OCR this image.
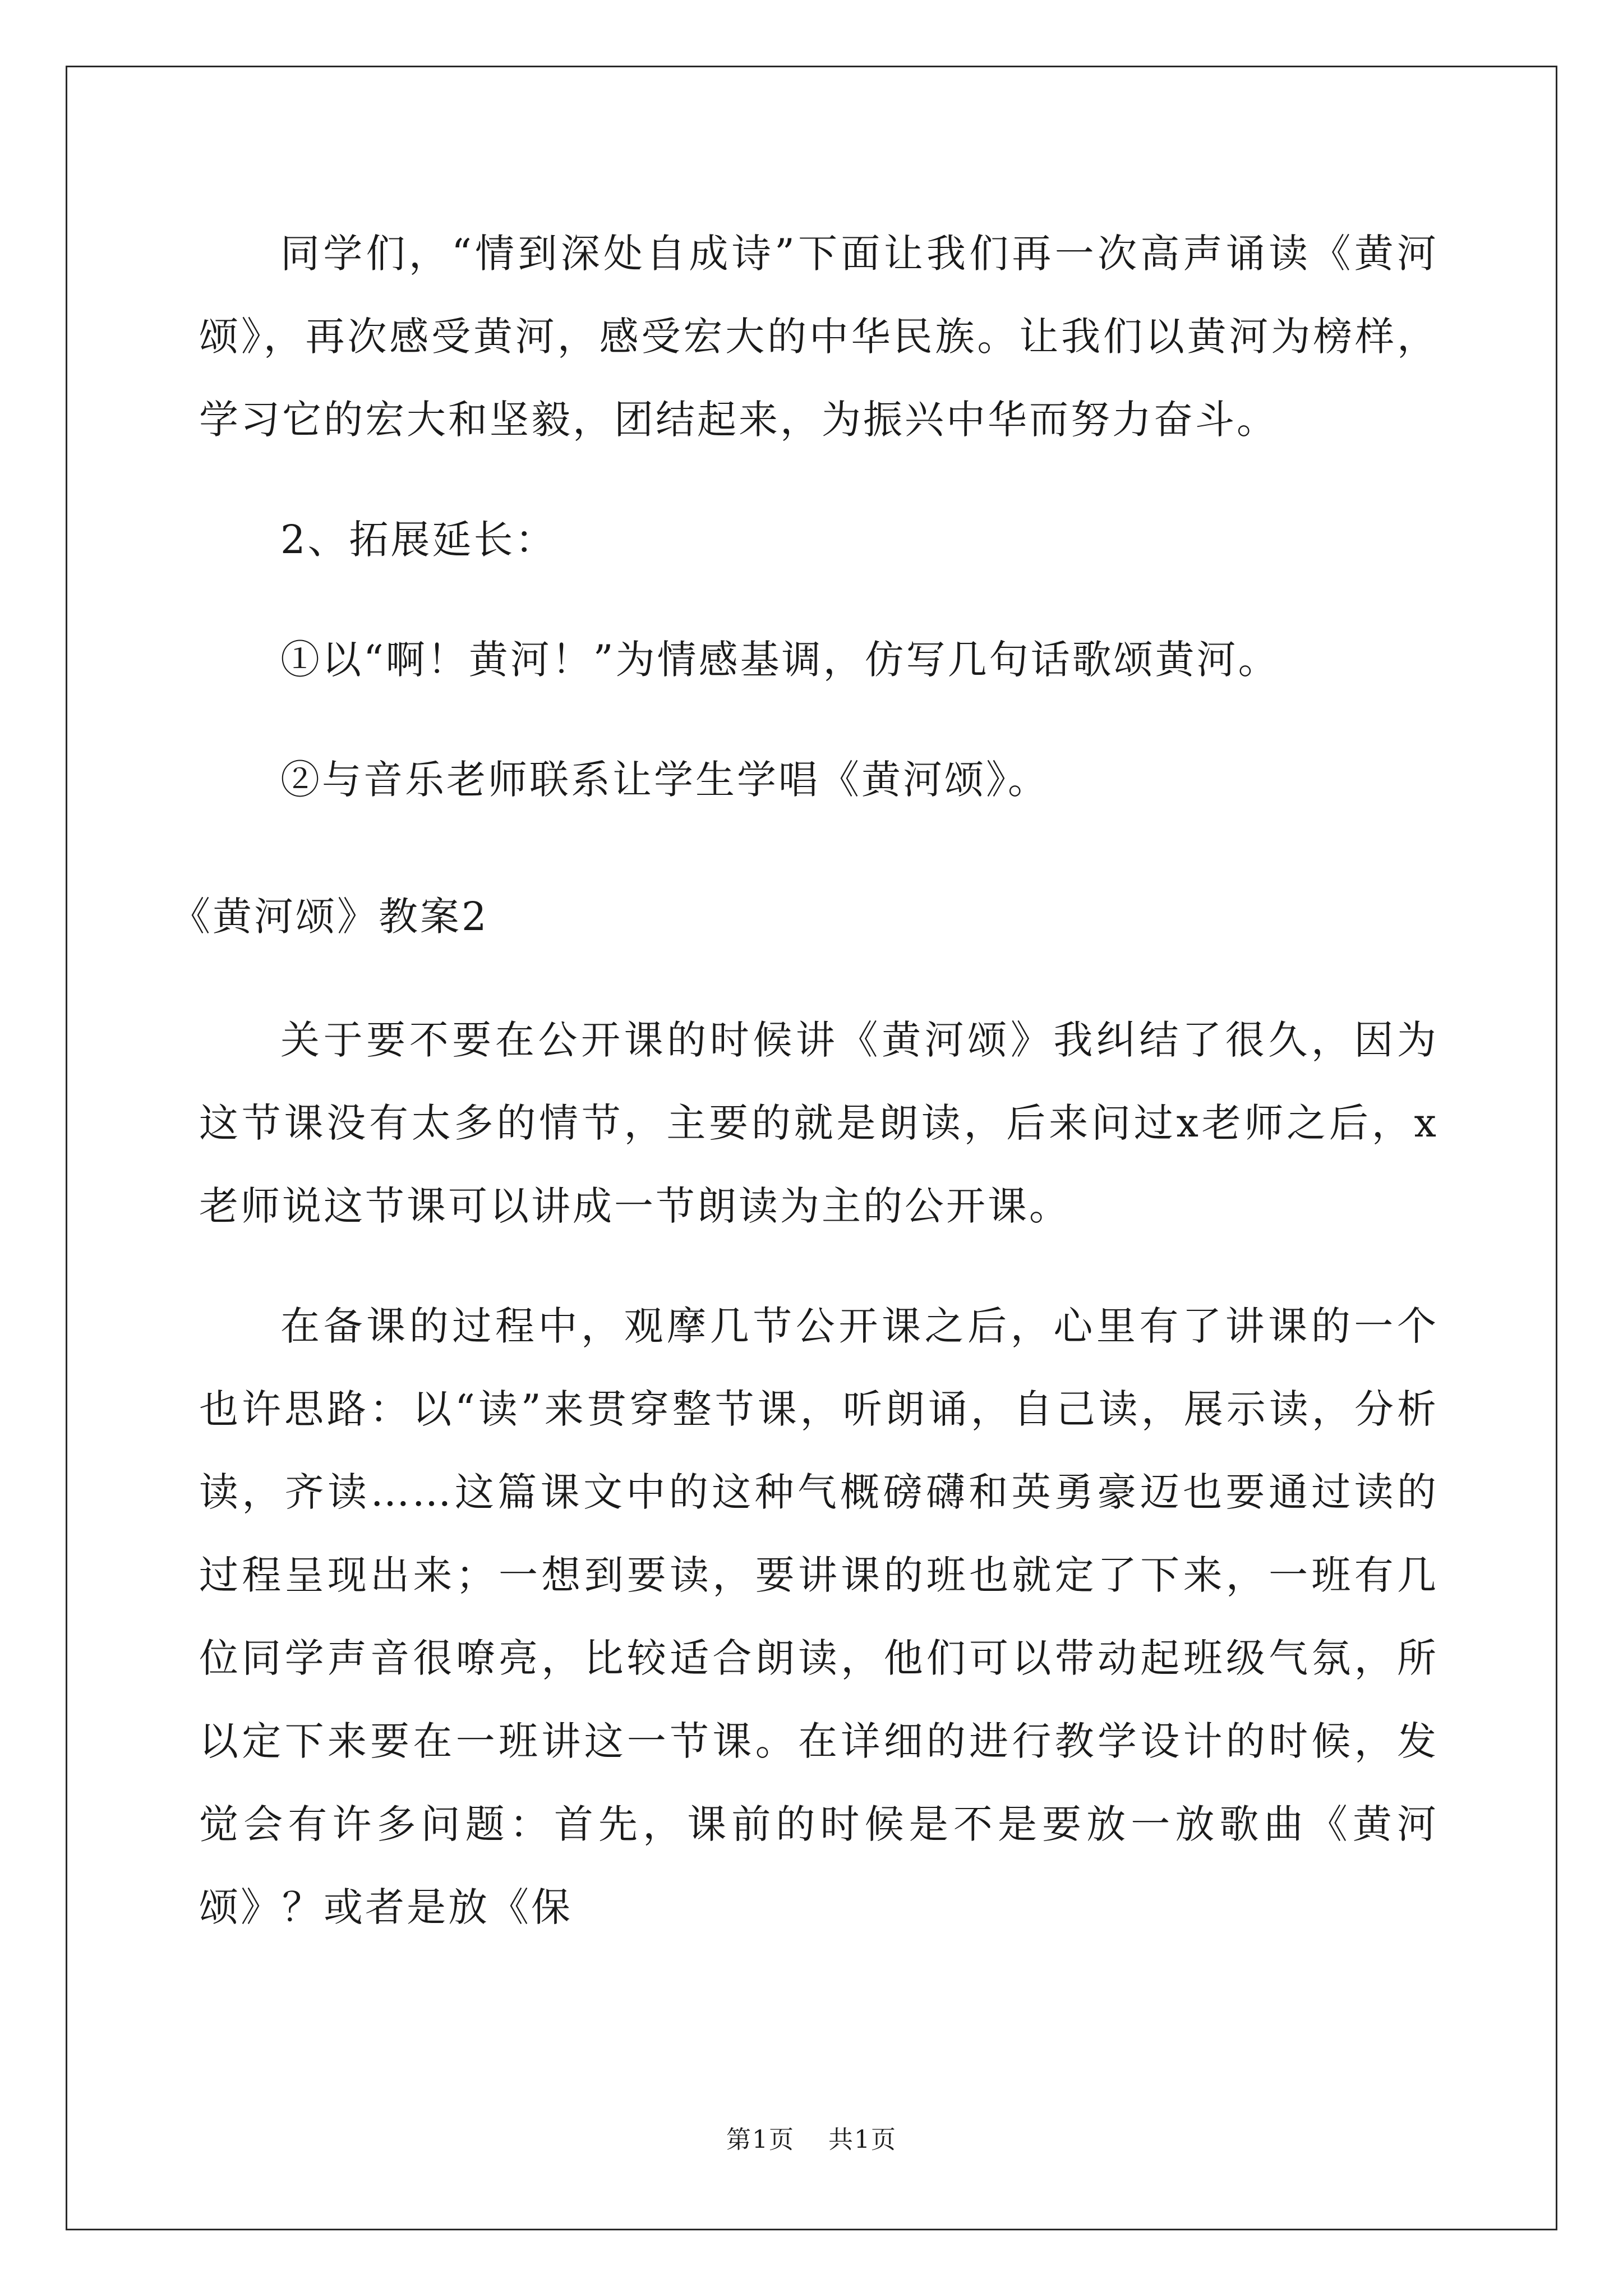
同学们，“情到深处自成诗”下面让我们再一次高声诵读《黄河颂》，再次感受黄河，感受宏大的中华民族。让我们以黄河为榜样，学习它的宏大和坚毅，团结起来，为振兴中华而努力奋斗。

2、拓展延长：

①以“啊！黄河！”为情感基调，仿写几句话歌颂黄河。

②与音乐老师联系让学生学唱《黄河颂》。

《黄河颂》教案2

关于要不要在公开课的时候讲《黄河颂》我纠结了很久，因为这节课没有太多的情节，主要的就是朗读，后来问过x老师之后，x老师说这节课可以讲成一节朗读为主的公开课。

在备课的过程中，观摩几节公开课之后，心里有了讲课的一个也许思路：以“读”来贯穿整节课，听朗诵，自己读，展示读，分析读，齐读……这篇课文中的这种气概磅礴和英勇豪迈也要通过读的过程呈现出来；一想到要读，要讲课的班也就定了下来，一班有几位同学声音很嘹亮，比较适合朗读，他们可以带动起班级气氛，所以定下来要在一班讲这一节课。在详细的进行教学设计的时候，发觉会有许多问题：首先，课前的时候是不是要放一放歌曲《黄河颂》？或者是放《保

第1页 共1页
